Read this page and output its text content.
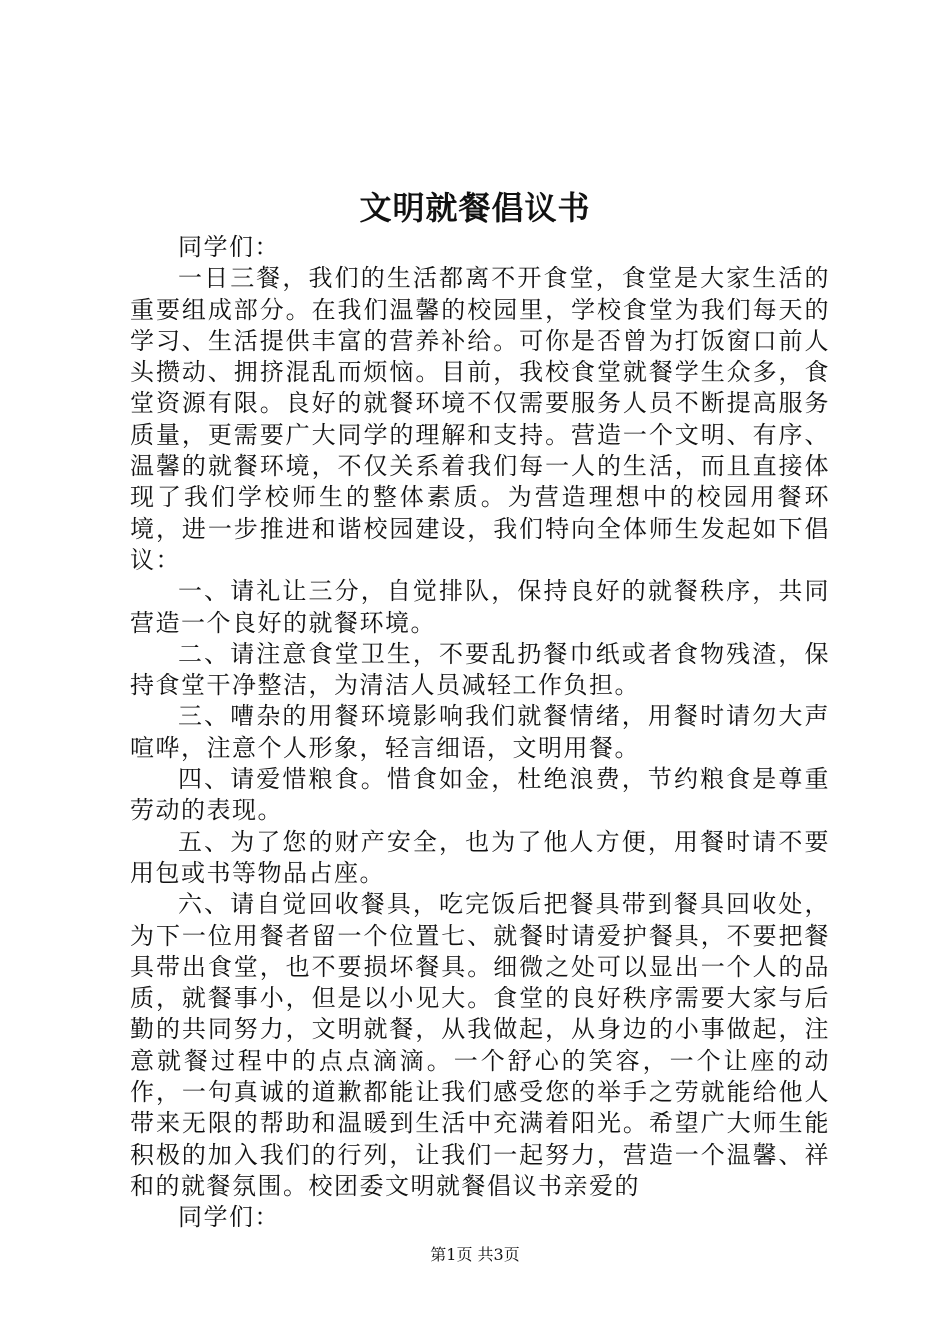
文明就餐倡议书

同学们：

一日三餐，我们的生活都离不开食堂，食堂是大家生活的重要组成部分。在我们温馨的校园里，学校食堂为我们每天的学习、生活提供丰富的营养补给。可你是否曾为打饭窗口前人头攒动、拥挤混乱而烦恼。目前，我校食堂就餐学生众多，食堂资源有限。良好的就餐环境不仅需要服务人员不断提高服务质量，更需要广大同学的理解和支持。营造一个文明、有序、温馨的就餐环境，不仅关系着我们每一人的生活，而且直接体现了我们学校师生的整体素质。为营造理想中的校园用餐环境，进一步推进和谐校园建设，我们特向全体师生发起如下倡议：

一、请礼让三分，自觉排队，保持良好的就餐秩序，共同营造一个良好的就餐环境。

二、请注意食堂卫生，不要乱扔餐巾纸或者食物残渣，保持食堂干净整洁，为清洁人员减轻工作负担。

三、嘈杂的用餐环境影响我们就餐情绪，用餐时请勿大声喧哗，注意个人形象，轻言细语，文明用餐。

四、请爱惜粮食。惜食如金，杜绝浪费，节约粮食是尊重劳动的表现。

五、为了您的财产安全，也为了他人方便，用餐时请不要用包或书等物品占座。

六、请自觉回收餐具，吃完饭后把餐具带到餐具回收处，为下一位用餐者留一个位置七、就餐时请爱护餐具，不要把餐具带出食堂，也不要损坏餐具。细微之处可以显出一个人的品质，就餐事小，但是以小见大。食堂的良好秩序需要大家与后勤的共同努力，文明就餐，从我做起，从身边的小事做起，注意就餐过程中的点点滴滴。一个舒心的笑容，一个让座的动作，一句真诚的道歉都能让我们感受您的举手之劳就能给他人带来无限的帮助和温暖到生活中充满着阳光。希望广大师生能积极的加入我们的行列，让我们一起努力，营造一个温馨、祥和的就餐氛围。校团委文明就餐倡议书亲爱的

同学们：

第1页 共3页
